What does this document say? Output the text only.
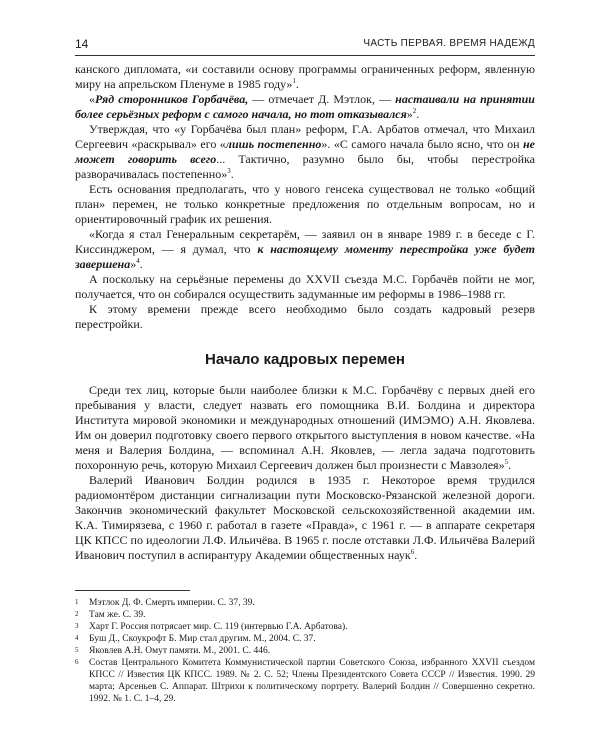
14	ЧАСТЬ ПЕРВАЯ. ВРЕМЯ НАДЕЖД

канского дипломата, «и составили основу программы ограниченных реформ, явленную миру на апрельском Пленуме в 1985 году»$^1$.

«Ряд сторонников Горбачёва, — отмечает Д. Мэтлок, — настаивали на принятии более серьёзных реформ с самого начала, но тот отказывался»$^2$.

Утверждая, что «у Горбачёва был план» реформ, Г.А. Арбатов отмечал, что Михаил Сергеевич «раскрывал» его «лишь постепенно». «С самого начала было ясно, что он не может говорить всего... Тактично, разумно было бы, чтобы перестройка разворачивалась постепенно»$^3$.

Есть основания предполагать, что у нового генсека существовал не только «общий план» перемен, не только конкретные предложения по отдельным вопросам, но и ориентировочный график их решения.

«Когда я стал Генеральным секретарём, — заявил он в январе 1989 г. в беседе с Г. Киссинджером, — я думал, что к настоящему моменту перестройка уже будет завершена»$^4$.

А поскольку на серьёзные перемены до XXVII съезда М.С. Горбачёв пойти не мог, получается, что он собирался осуществить задуманные им реформы в 1986–1988 гг.

К этому времени прежде всего необходимо было создать кадровый резерв перестройки.

Начало кадровых перемен

Среди тех лиц, которые были наиболее близки к М.С. Горбачёву с первых дней его пребывания у власти, следует назвать его помощника В.И. Болдина и директора Института мировой экономики и международных отношений (ИМЭМО) А.Н. Яковлева. Им он доверил подготовку своего первого открытого выступления в новом качестве. «На меня и Валерия Болдина, — вспоминал А.Н. Яковлев, — легла задача подготовить похоронную речь, которую Михаил Сергеевич должен был произнести с Мавзолея»$^5$.

Валерий Иванович Болдин родился в 1935 г. Некоторое время трудился радиомонтёром дистанции сигнализации пути Московско-Рязанской железной дороги. Закончив экономический факультет Московской сельскохозяйственной академии им. К.А. Тимирязева, с 1960 г. работал в газете «Правда», с 1961 г. — в аппарате секретаря ЦК КПСС по идеологии Л.Ф. Ильичёва. В 1965 г. после отставки Л.Ф. Ильичёва Валерий Иванович поступил в аспирантуру Академии общественных наук$^6$.

1	Мэтлок Д. Ф. Смерть империи. С. 37, 39.
2	Там же. С. 39.
3	Харт Г. Россия потрясает мир. С. 119 (интервью Г.А. Арбатова).
4	Буш Д., Скоукрофт Б. Мир стал другим. М., 2004. С. 37.
5	Яковлев А.Н. Омут памяти. М., 2001. С. 446.
6	Состав Центрального Комитета Коммунистической партии Советского Союза, избранного XXVII съездом КПСС // Известия ЦК КПСС. 1989. № 2. С. 52; Члены Президентского Совета СССР // Известия. 1990. 29 марта; Арсеньев С. Аппарат. Штрихи к политическому портрету. Валерий Болдин // Совершенно секретно. 1992. № 1. С. 1–4, 29.
